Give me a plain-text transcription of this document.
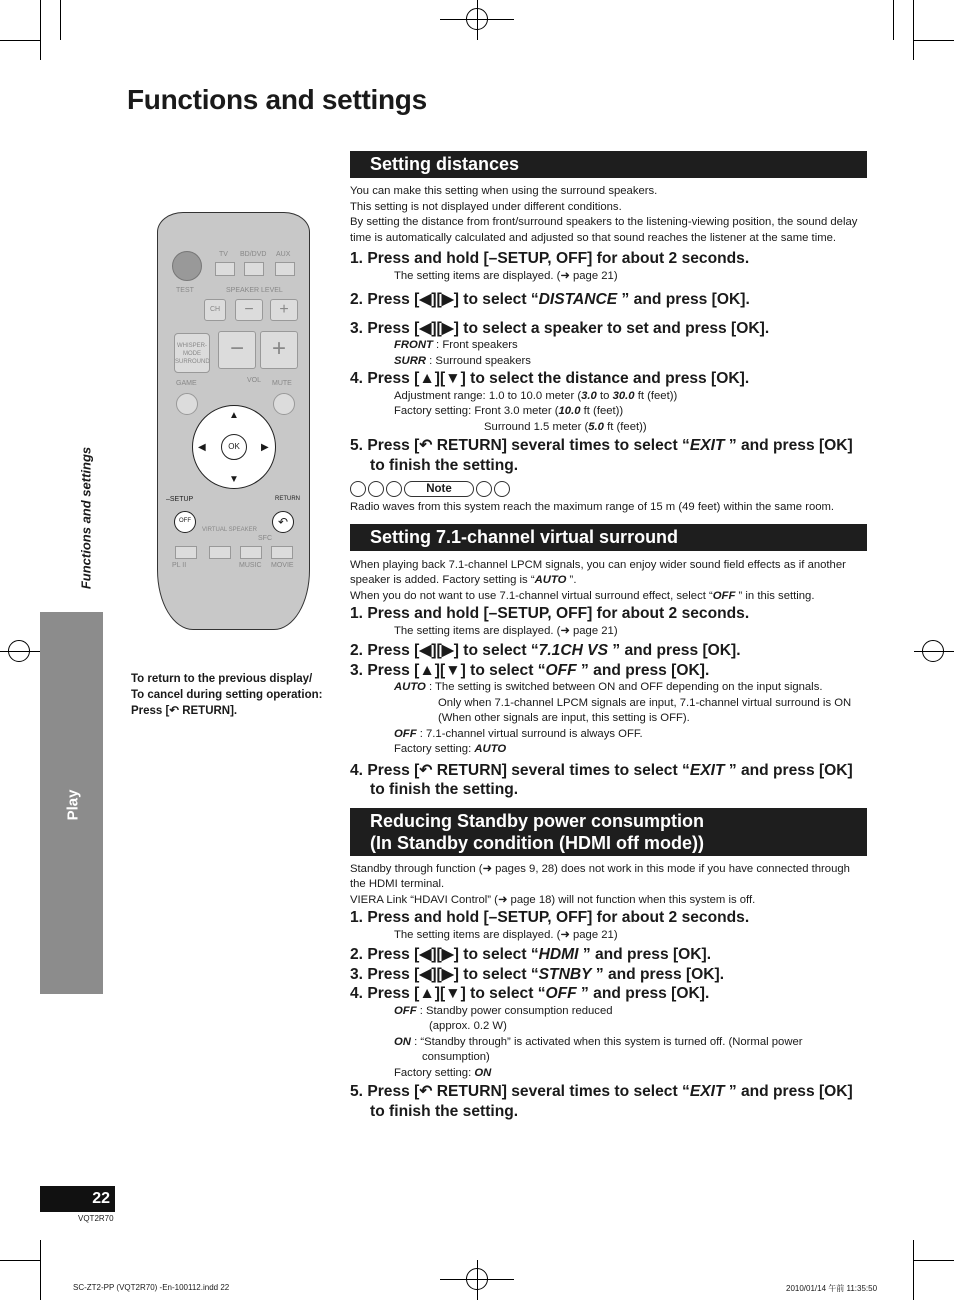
Functions and settings
Functions and settings
Play
TV BD/DVD AUX
TEST	SPEAKER LEVEL
CH	−	+
WHISPER-MODE SURROUND −	+
GAME	VOL MUTE
OK
▲
▼
◀	▶
–SETUP	RETURN
OFF	↶
VIRTUAL SPEAKER
SFC
PL II	MUSIC MOVIE
To return to the previous display/
To cancel during setting operation:
Press [↶ RETURN].
Setting distances
You can make this setting when using the surround speakers.
This setting is not displayed under different conditions.
By setting the distance from front/surround speakers to the listening-viewing position, the sound delay time is automatically calculated and adjusted so that sound reaches the listener at the same time.
1. Press and hold [–SETUP, OFF] for about 2 seconds.
The setting items are displayed. (➜ page 21)
2. Press [◀][▶] to select “DISTANCE ” and press [OK].
3. Press [◀][▶] to select a speaker to set and press [OK].
FRONT : Front speakers
SURR : Surround speakers
4. Press [▲][▼] to select the distance and press [OK].
Adjustment range: 1.0 to 10.0 meter (3.0 to 30.0 ft (feet))
Factory setting: Front 3.0 meter (10.0 ft (feet))
Surround 1.5 meter (5.0 ft (feet))
5. Press [↶ RETURN] several times to select “EXIT ” and press [OK] to finish the setting.
Note
Radio waves from this system reach the maximum range of 15 m (49 feet) within the same room.
Setting 7.1-channel virtual surround
When playing back 7.1-channel LPCM signals, you can enjoy wider sound field effects as if another speaker is added. Factory setting is “AUTO ”.
When you do not want to use 7.1-channel virtual surround effect, select “OFF ” in this setting.
1. Press and hold [–SETUP, OFF] for about 2 seconds.
The setting items are displayed. (➜ page 21)
2. Press [◀][▶] to select “7.1CH VS ” and press [OK].
3. Press [▲][▼] to select “OFF ” and press [OK].
AUTO : The setting is switched between ON and OFF depending on the input signals.
Only when 7.1-channel LPCM signals are input, 7.1-channel virtual surround is ON (When other signals are input, this setting is OFF).
OFF : 7.1-channel virtual surround is always OFF.
Factory setting: AUTO
4. Press [↶ RETURN] several times to select “EXIT ” and press [OK] to finish the setting.
Reducing Standby power consumption
(In Standby condition (HDMI off mode))
Standby through function (➜ pages 9, 28) does not work in this mode if you have connected through the HDMI terminal.
VIERA Link “HDAVI Control” (➜ page 18) will not function when this system is off.
1. Press and hold [–SETUP, OFF] for about 2 seconds.
The setting items are displayed. (➜ page 21)
2. Press [◀][▶] to select “HDMI ” and press [OK].
3. Press [◀][▶] to select “STNBY ” and press [OK].
4. Press [▲][▼] to select “OFF ” and press [OK].
OFF : Standby power consumption reduced
(approx. 0.2 W)
ON : “Standby through” is activated when this system is turned off. (Normal power consumption)
Factory setting: ON
5. Press [↶ RETURN] several times to select “EXIT ” and press [OK] to finish the setting.
22
VQT2R70
SC-ZT2-PP (VQT2R70) -En-100112.indd 22	2010/01/14 午前 11:35:50
